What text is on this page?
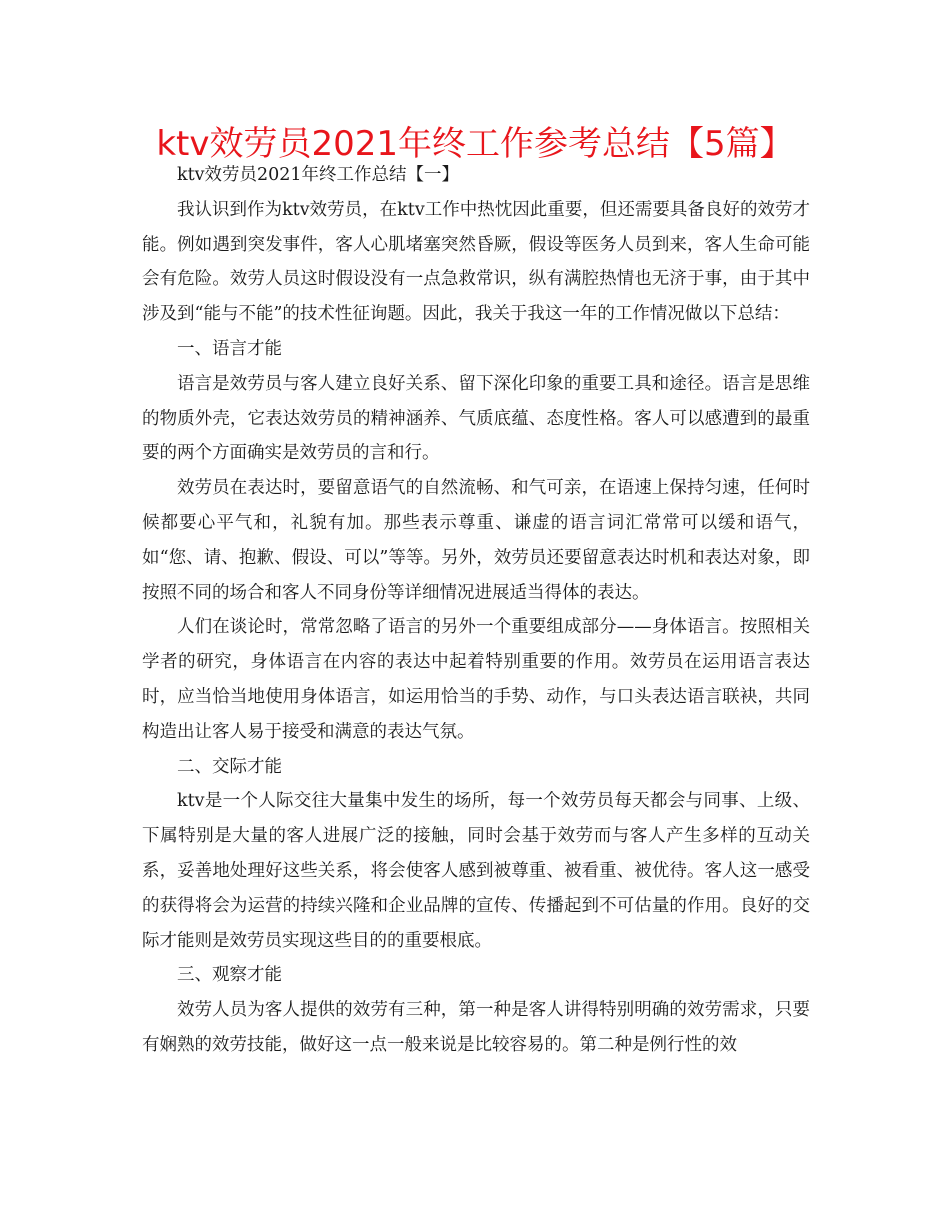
ktv效劳员2021年终工作参考总结【5篇】

ktv效劳员2021年终工作总结【一】

我认识到作为ktv效劳员，在ktv工作中热忱因此重要，但还需要具备良好的效劳才能。例如遇到突发事件，客人心肌堵塞突然昏厥，假设等医务人员到来，客人生命可能会有危险。效劳人员这时假设没有一点急救常识，纵有满腔热情也无济于事，由于其中涉及到“能与不能”的技术性征询题。因此，我关于我这一年的工作情况做以下总结：

一、语言才能

语言是效劳员与客人建立良好关系、留下深化印象的重要工具和途径。语言是思维的物质外壳，它表达效劳员的精神涵养、气质底蕴、态度性格。客人可以感遭到的最重要的两个方面确实是效劳员的言和行。

效劳员在表达时，要留意语气的自然流畅、和气可亲，在语速上保持匀速，任何时候都要心平气和，礼貌有加。那些表示尊重、谦虚的语言词汇常常可以缓和语气，如“您、请、抱歉、假设、可以”等等。另外，效劳员还要留意表达时机和表达对象，即按照不同的场合和客人不同身份等详细情况进展适当得体的表达。

人们在谈论时，常常忽略了语言的另外一个重要组成部分——身体语言。按照相关学者的研究，身体语言在内容的表达中起着特别重要的作用。效劳员在运用语言表达时，应当恰当地使用身体语言，如运用恰当的手势、动作，与口头表达语言联袂，共同构造出让客人易于接受和满意的表达气氛。

二、交际才能

ktv是一个人际交往大量集中发生的场所，每一个效劳员每天都会与同事、上级、下属特别是大量的客人进展广泛的接触，同时会基于效劳而与客人产生多样的互动关系，妥善地处理好这些关系，将会使客人感到被尊重、被看重、被优待。客人这一感受的获得将会为运营的持续兴隆和企业品牌的宣传、传播起到不可估量的作用。良好的交际才能则是效劳员实现这些目的的重要根底。

三、观察才能

效劳人员为客人提供的效劳有三种，第一种是客人讲得特别明确的效劳需求，只要有娴熟的效劳技能，做好这一点一般来说是比较容易的。第二种是例行性的效
